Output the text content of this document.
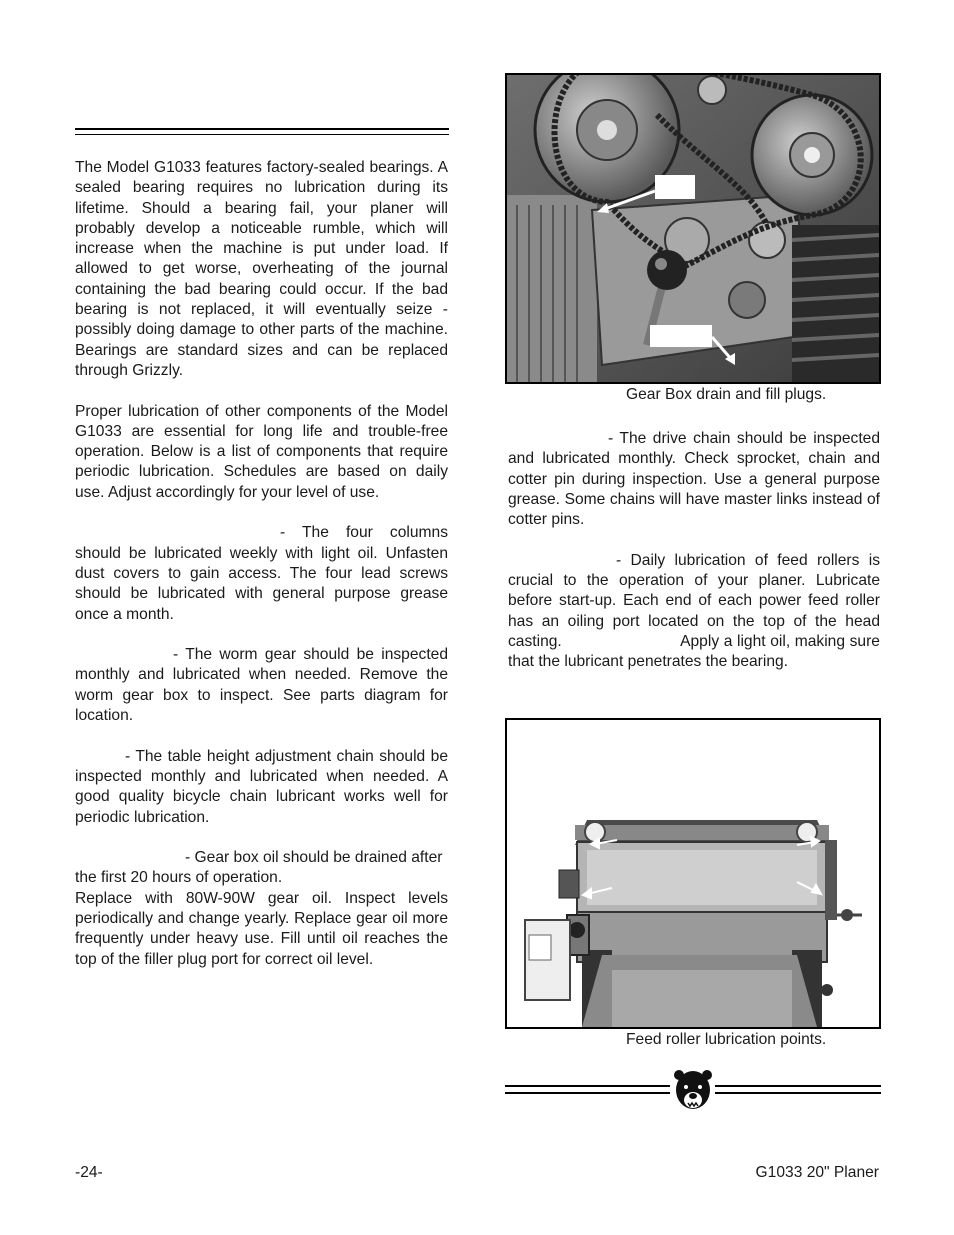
The Model G1033 features factory-sealed bearings. A sealed bearing requires no lubrication during its lifetime. Should a bearing fail, your planer will probably develop a noticeable rumble, which will increase when the machine is put under load. If allowed to get worse, overheating of the journal containing the bad bearing could occur. If the bad bearing is not replaced, it will eventually seize - possibly doing damage to other parts of the machine. Bearings are standard sizes and can be replaced through Grizzly.

Proper lubrication of other components of the Model G1033 are essential for long life and trouble-free operation. Below is a list of components that require periodic lubrication. Schedules are based on daily use. Adjust accordingly for your level of use.

- The four columns should be lubricated weekly with light oil. Unfasten dust covers to gain access. The four lead screws should be lubricated with general purpose grease once a month.

- The worm gear should be inspected monthly and lubricated when needed. Remove the worm gear box to inspect. See parts diagram for location.

- The table height adjustment chain should be inspected monthly and lubricated when needed. A good quality bicycle chain lubricant works well for periodic lubrication.

- Gear box oil should be drained after
the first 20 hours of operation.
Replace with 80W-90W gear oil. Inspect levels periodically and change yearly. Replace gear oil more frequently under heavy use. Fill until oil reaches the top of the filler plug port for correct oil level.

Gear Box drain and fill plugs.

- The drive chain should be inspected and lubricated monthly. Check sprocket, chain and cotter pin during inspection. Use a general purpose grease. Some chains will have master links instead of cotter pins.

- Daily lubrication of feed rollers is crucial to the operation of your planer. Lubricate before start-up. Each end of each power feed roller has an oiling port located on the top of the head casting.	Apply a light oil, making sure that the lubricant penetrates the bearing.

Feed roller lubrication points.
-24-	G1033 20" Planer
